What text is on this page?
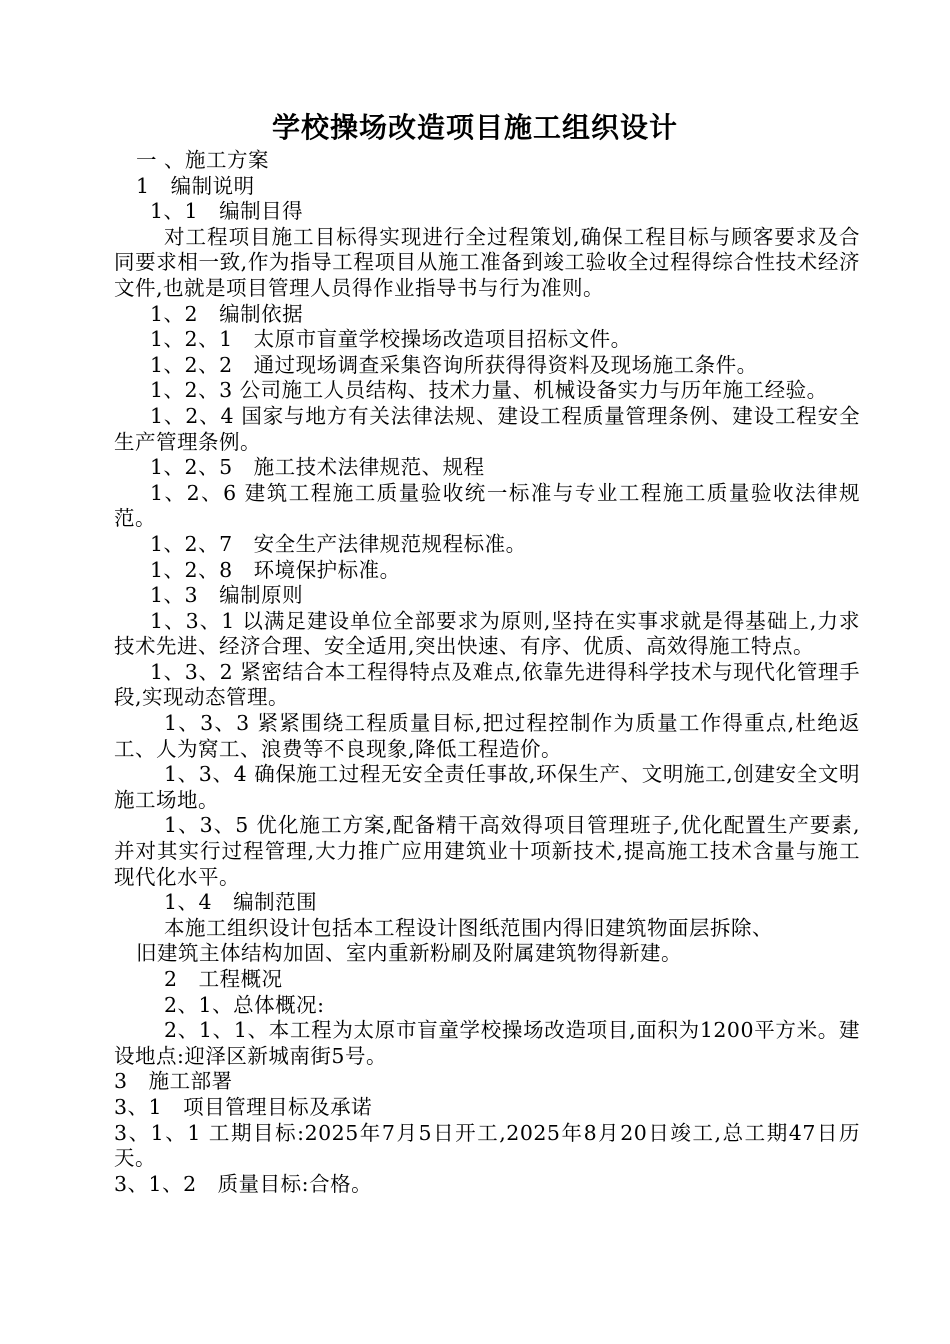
学校操场改造项目施工组织设计

一 、施工方案

1   编制说明

1、1   编制目得

对工程项目施工目标得实现进行全过程策划,确保工程目标与顾客要求及合同要求相一致,作为指导工程项目从施工准备到竣工验收全过程得综合性技术经济文件,也就是项目管理人员得作业指导书与行为准则。

1、2   编制依据

1、2、1   太原市盲童学校操场改造项目招标文件。

1、2、2   通过现场调查采集咨询所获得得资料及现场施工条件。

1、2、3 公司施工人员结构、技术力量、机械设备实力与历年施工经验。

1、2、4 国家与地方有关法律法规、建设工程质量管理条例、建设工程安全生产管理条例。

1、2、5   施工技术法律规范、规程

1、2、6 建筑工程施工质量验收统一标准与专业工程施工质量验收法律规范。

1、2、7   安全生产法律规范规程标准。

1、2、8   环境保护标准。

1、3   编制原则

1、3、1 以满足建设单位全部要求为原则,坚持在实事求就是得基础上,力求技术先进、经济合理、安全适用,突出快速、有序、优质、高效得施工特点。

1、3、2 紧密结合本工程得特点及难点,依靠先进得科学技术与现代化管理手段,实现动态管理。

1、3、3 紧紧围绕工程质量目标,把过程控制作为质量工作得重点,杜绝返工、人为窝工、浪费等不良现象,降低工程造价。

1、3、4 确保施工过程无安全责任事故,环保生产、文明施工,创建安全文明施工场地。

1、3、5 优化施工方案,配备精干高效得项目管理班子,优化配置生产要素,并对其实行过程管理,大力推广应用建筑业十项新技术,提高施工技术含量与施工现代化水平。

1、4   编制范围

本施工组织设计包括本工程设计图纸范围内得旧建筑物面层拆除、

旧建筑主体结构加固、室内重新粉刷及附属建筑物得新建。

2   工程概况

2、1、总体概况:

2、1、1、本工程为太原市盲童学校操场改造项目,面积为1200平方米。建设地点:迎泽区新城南街5号。

3   施工部署

3、1   项目管理目标及承诺

3、1、1 工期目标:2025年7月5日开工,2025年8月20日竣工,总工期47日历天。

3、1、2   质量目标:合格。
